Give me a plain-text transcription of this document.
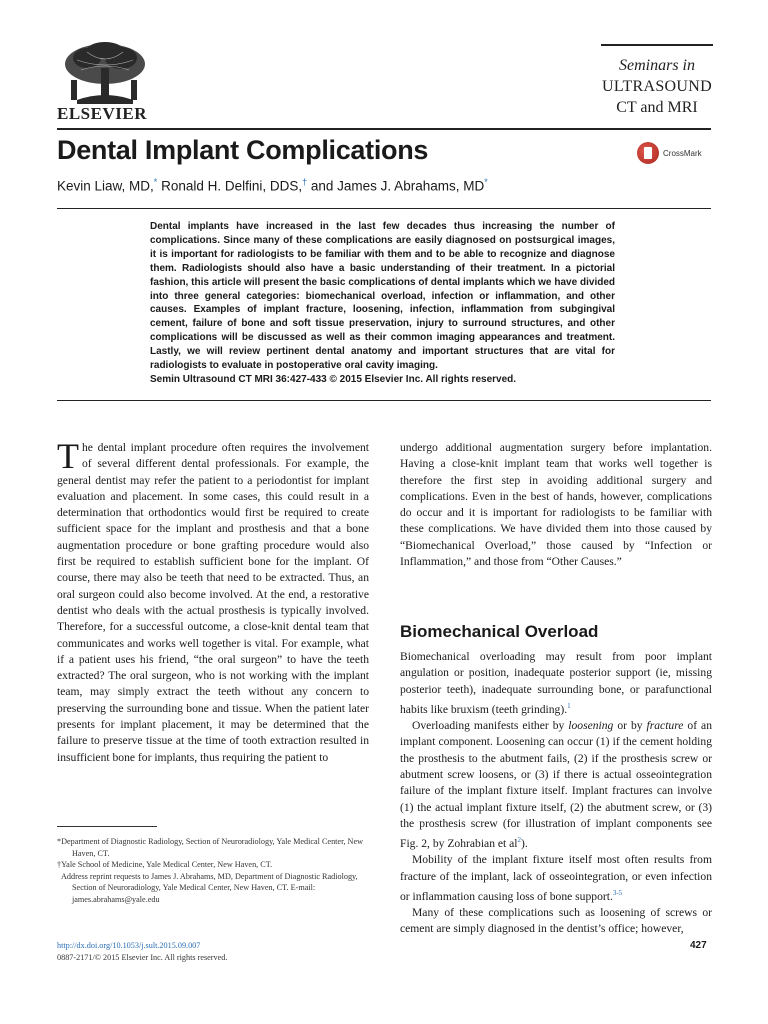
ELSEVIER
Seminars in
ULTRASOUND
CT and MRI
Dental Implant Complications	CrossMark
Kevin Liaw, MD,* Ronald H. Delfini, DDS,† and James J. Abrahams, MD*
Dental implants have increased in the last few decades thus increasing the number of complications. Since many of these complications are easily diagnosed on postsurgical images, it is important for radiologists to be familiar with them and to be able to recognize and diagnose them. Radiologists should also have a basic understanding of their treatment. In a pictorial fashion, this article will present the basic complications of dental implants which we have divided into three general categories: biomechanical overload, infection or inflammation, and other causes. Examples of implant fracture, loosening, infection, inflammation from subgingival cement, failure of bone and soft tissue preservation, injury to surround structures, and other complications will be discussed as well as their common imaging appearances and treatment. Lastly, we will review pertinent dental anatomy and important structures that are vital for radiologists to evaluate in postoperative oral cavity imaging.
Semin Ultrasound CT MRI 36:427-433 © 2015 Elsevier Inc. All rights reserved.

The dental implant procedure often requires the involvement of several different dental professionals. For example, the general dentist may refer the patient to a periodontist for implant evaluation and placement. In some cases, this could result in a determination that orthodontics would first be required to create sufficient space for the implant and prosthesis and that a bone augmentation procedure or bone grafting procedure would also first be required to establish sufficient bone for the implant. Of course, there may also be teeth that need to be extracted. Thus, an oral surgeon could also become involved. At the end, a restorative dentist who deals with the actual prosthesis is typically involved. Therefore, for a successful outcome, a close-knit dental team that communicates and works well together is vital. For example, what if a patient uses his friend, “the oral surgeon” to have the teeth extracted? The oral surgeon, who is not working with the implant team, may simply extract the teeth without any concern to preserving the surrounding bone and tissue. When the patient later presents for implant placement, it may be determined that the failure to preserve tissue at the time of tooth extraction resulted in insufficient bone for implants, thus requiring the patient to

undergo additional augmentation surgery before implantation. Having a close-knit implant team that works well together is therefore the first step in avoiding additional surgery and complications. Even in the best of hands, however, complications do occur and it is important for radiologists to be familiar with these complications. We have divided them into those caused by “Biomechanical Overload,” those caused by “Infection or Inflammation,” and those from “Other Causes.”

Biomechanical Overload

Biomechanical overloading may result from poor implant angulation or position, inadequate posterior support (ie, missing posterior teeth), inadequate surrounding bone, or parafunctional habits like bruxism (teeth grinding).$^1$

Overloading manifests either by loosening or by fracture of an implant component. Loosening can occur (1) if the cement holding the prosthesis to the abutment fails, (2) if the prosthesis screw or abutment screw loosens, or (3) if there is actual osseointegration failure of the implant fixture itself. Implant fractures can involve (1) the actual implant fixture itself, (2) the abutment screw, or (3) the prosthesis screw (for illustration of implant components see Fig. 2, by Zohrabian et al$^2$).

Mobility of the implant fixture itself most often results from fracture of the implant, lack of osseointegration, or even infection or inflammation causing loss of bone support.$^{3-5}$

Many of these complications such as loosening of screws or cement are simply diagnosed in the dentist’s office; however,

*Department of Diagnostic Radiology, Section of Neuroradiology, Yale Medical Center, New Haven, CT.

†Yale School of Medicine, Yale Medical Center, New Haven, CT.

Address reprint requests to James J. Abrahams, MD, Department of Diagnostic Radiology, Section of Neuroradiology, Yale Medical Center, New Haven, CT. E-mail: james.abrahams@yale.edu

http://dx.doi.org/10.1053/j.sult.2015.09.007
0887-2171/© 2015 Elsevier Inc. All rights reserved.
427
